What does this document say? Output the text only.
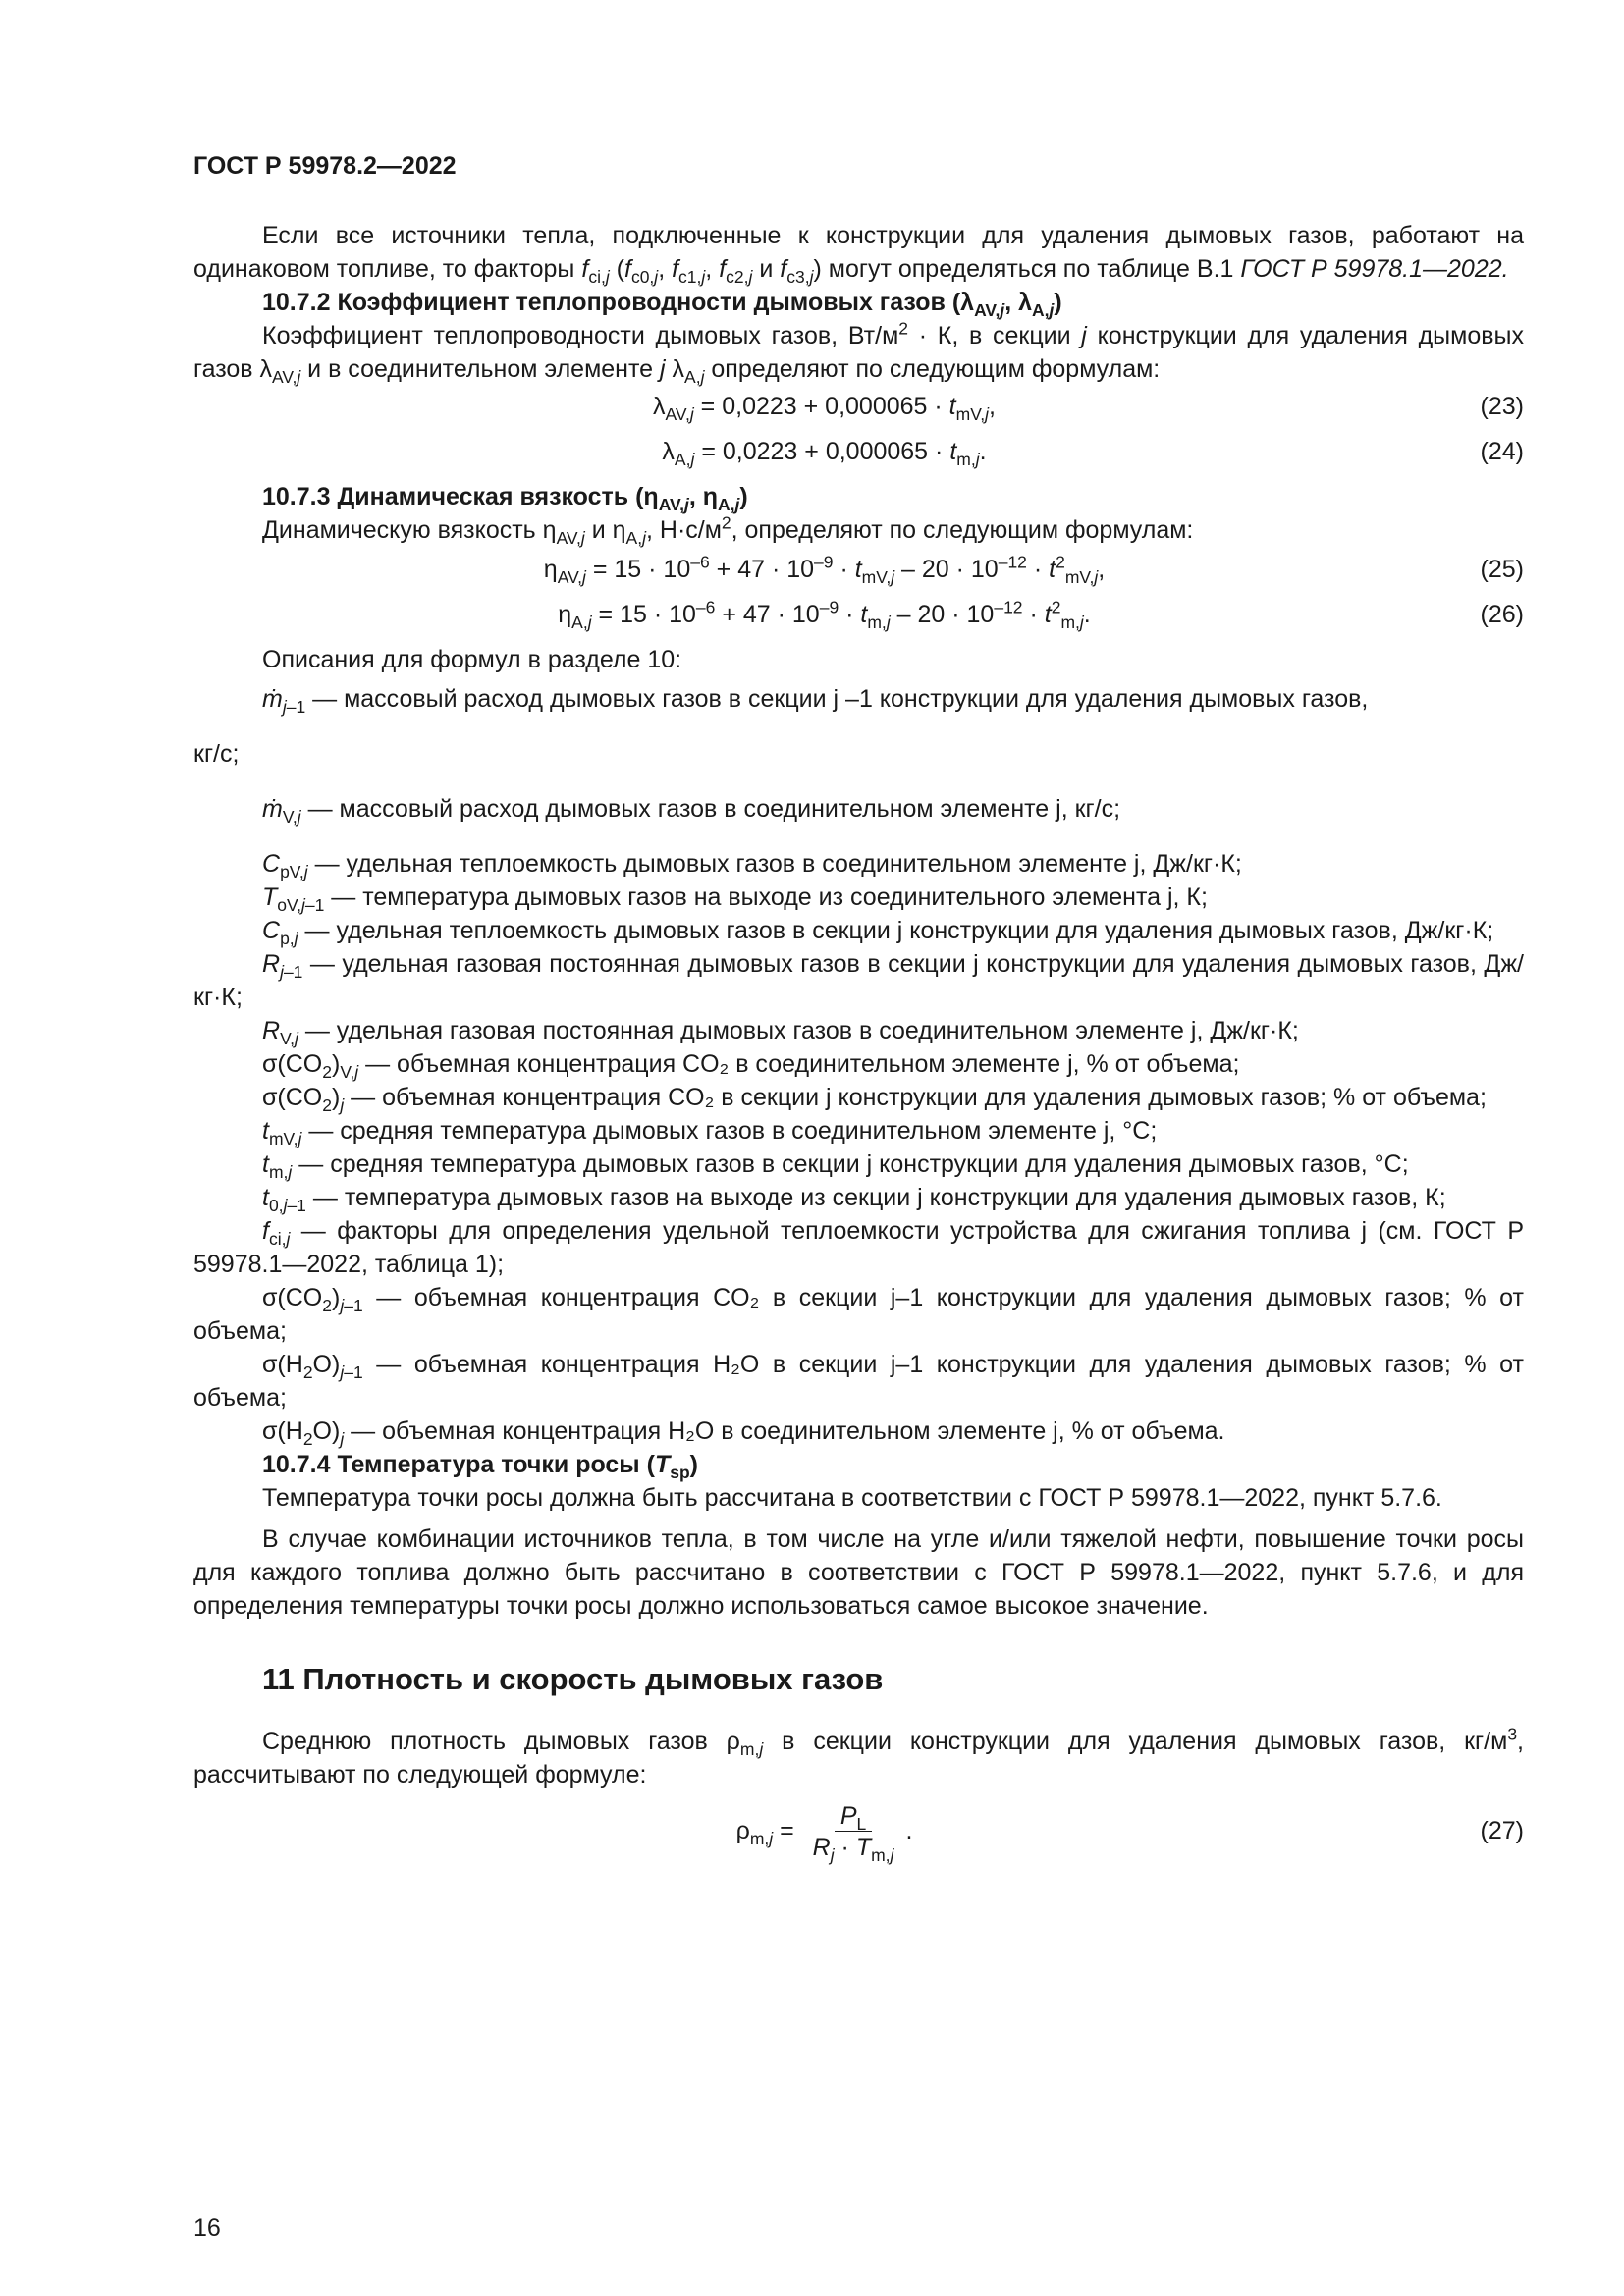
ГОСТ Р 59978.2—2022

Если все источники тепла, подключенные к конструкции для удаления дымовых газов, работают на одинаковом топливе, то факторы $f_{ci,j}$ ($f_{c0,j}$, $f_{c1,j}$, $f_{c2,j}$ и $f_{c3,j}$) могут определяться по таблице В.1 ГОСТ Р 59978.1—2022.

10.7.2 Коэффициент теплопроводности дымовых газов ($\lambda_{AV,j}$, $\lambda_{A,j}$)

Коэффициент теплопроводности дымовых газов, $Вт/м^2 \cdot К$, в секции j конструкции для удаления дымовых газов $\lambda_{AV,j}$ и в соединительном элементе j $\lambda_{A,j}$ определяют по следующим формулам:

$\lambda_{AV,j} = 0,0223 + 0,000065 \cdot t_{mV,j}$,	(23)
$\lambda_{A,j} = 0,0223 + 0,000065 \cdot t_{m,j}$.	(24)

10.7.3 Динамическая вязкость ($\eta_{AV,j}$, $\eta_{A,j}$)

Динамическую вязкость $\eta_{AV,j}$ и $\eta_{A,j}$, $Н\cdot с/м^2$, определяют по следующим формулам:

$\eta_{AV,j} = 15 \cdot 10^{-6} + 47 \cdot 10^{-9} \cdot t_{mV,j} - 20 \cdot 10^{-12} \cdot t^2_{mV,j}$,	(25)
$\eta_{A,j} = 15 \cdot 10^{-6} + 47 \cdot 10^{-9} \cdot t_{m,j} - 20 \cdot 10^{-12} \cdot t^2_{m,j}$.	(26)

Описания для формул в разделе 10:

ṁ$_{j-1}$ — массовый расход дымовых газов в секции j –1 конструкции для удаления дымовых газов,

кг/с;

ṁ$_{V,j}$ — массовый расход дымовых газов в соединительном элементе j, кг/с;

$C_{pV,j}$ — удельная теплоемкость дымовых газов в соединительном элементе j, Дж/кг·К;

$T_{oV,j-1}$ — температура дымовых газов на выходе из соединительного элемента j, К;

$C_{p,j}$ — удельная теплоемкость дымовых газов в секции j конструкции для удаления дымовых газов, Дж/кг·К;

$R_{j-1}$ — удельная газовая постоянная дымовых газов в секции j конструкции для удаления дымовых газов, Дж/кг·К;

$R_{V,j}$ — удельная газовая постоянная дымовых газов в соединительном элементе j, Дж/кг·К;

$\sigma(CO_2)_{V,j}$ — объемная концентрация CO₂ в соединительном элементе j, % от объема;

$\sigma(CO_2)_j$ — объемная концентрация CO₂ в секции j конструкции для удаления дымовых газов; % от объема;

$t_{mV,j}$ — средняя температура дымовых газов в соединительном элементе j, °C;

$t_{m,j}$ — средняя температура дымовых газов в секции j конструкции для удаления дымовых газов, °C;

$t_{0,j-1}$ — температура дымовых газов на выходе из секции j конструкции для удаления дымовых газов, К;

$f_{ci,j}$ — факторы для определения удельной теплоемкости устройства для сжигания топлива j (см. ГОСТ Р 59978.1—2022, таблица 1);

$\sigma(CO_2)_{j-1}$ — объемная концентрация CO₂ в секции j–1 конструкции для удаления дымовых газов; % от объема;

$\sigma(H_2O)_{j-1}$ — объемная концентрация H₂O в секции j–1 конструкции для удаления дымовых газов; % от объема;

$\sigma(H_2O)_j$ — объемная концентрация H₂O в соединительном элементе j, % от объема.

10.7.4 Температура точки росы $(T_{sp})$

Температура точки росы должна быть рассчитана в соответствии с ГОСТ Р 59978.1—2022, пункт 5.7.6.

В случае комбинации источников тепла, в том числе на угле и/или тяжелой нефти, повышение точки росы для каждого топлива должно быть рассчитано в соответствии с ГОСТ Р 59978.1—2022, пункт 5.7.6, и для определения температуры точки росы должно использоваться самое высокое значение.

11 Плотность и скорость дымовых газов

Среднюю плотность дымовых газов $\rho_{m,j}$ в секции конструкции для удаления дымовых газов, $кг/м^3$, рассчитывают по следующей формуле:

$\rho_{m,j} = \frac{P_L}{R_j \cdot T_{m,j}}$ .	(27)
16
